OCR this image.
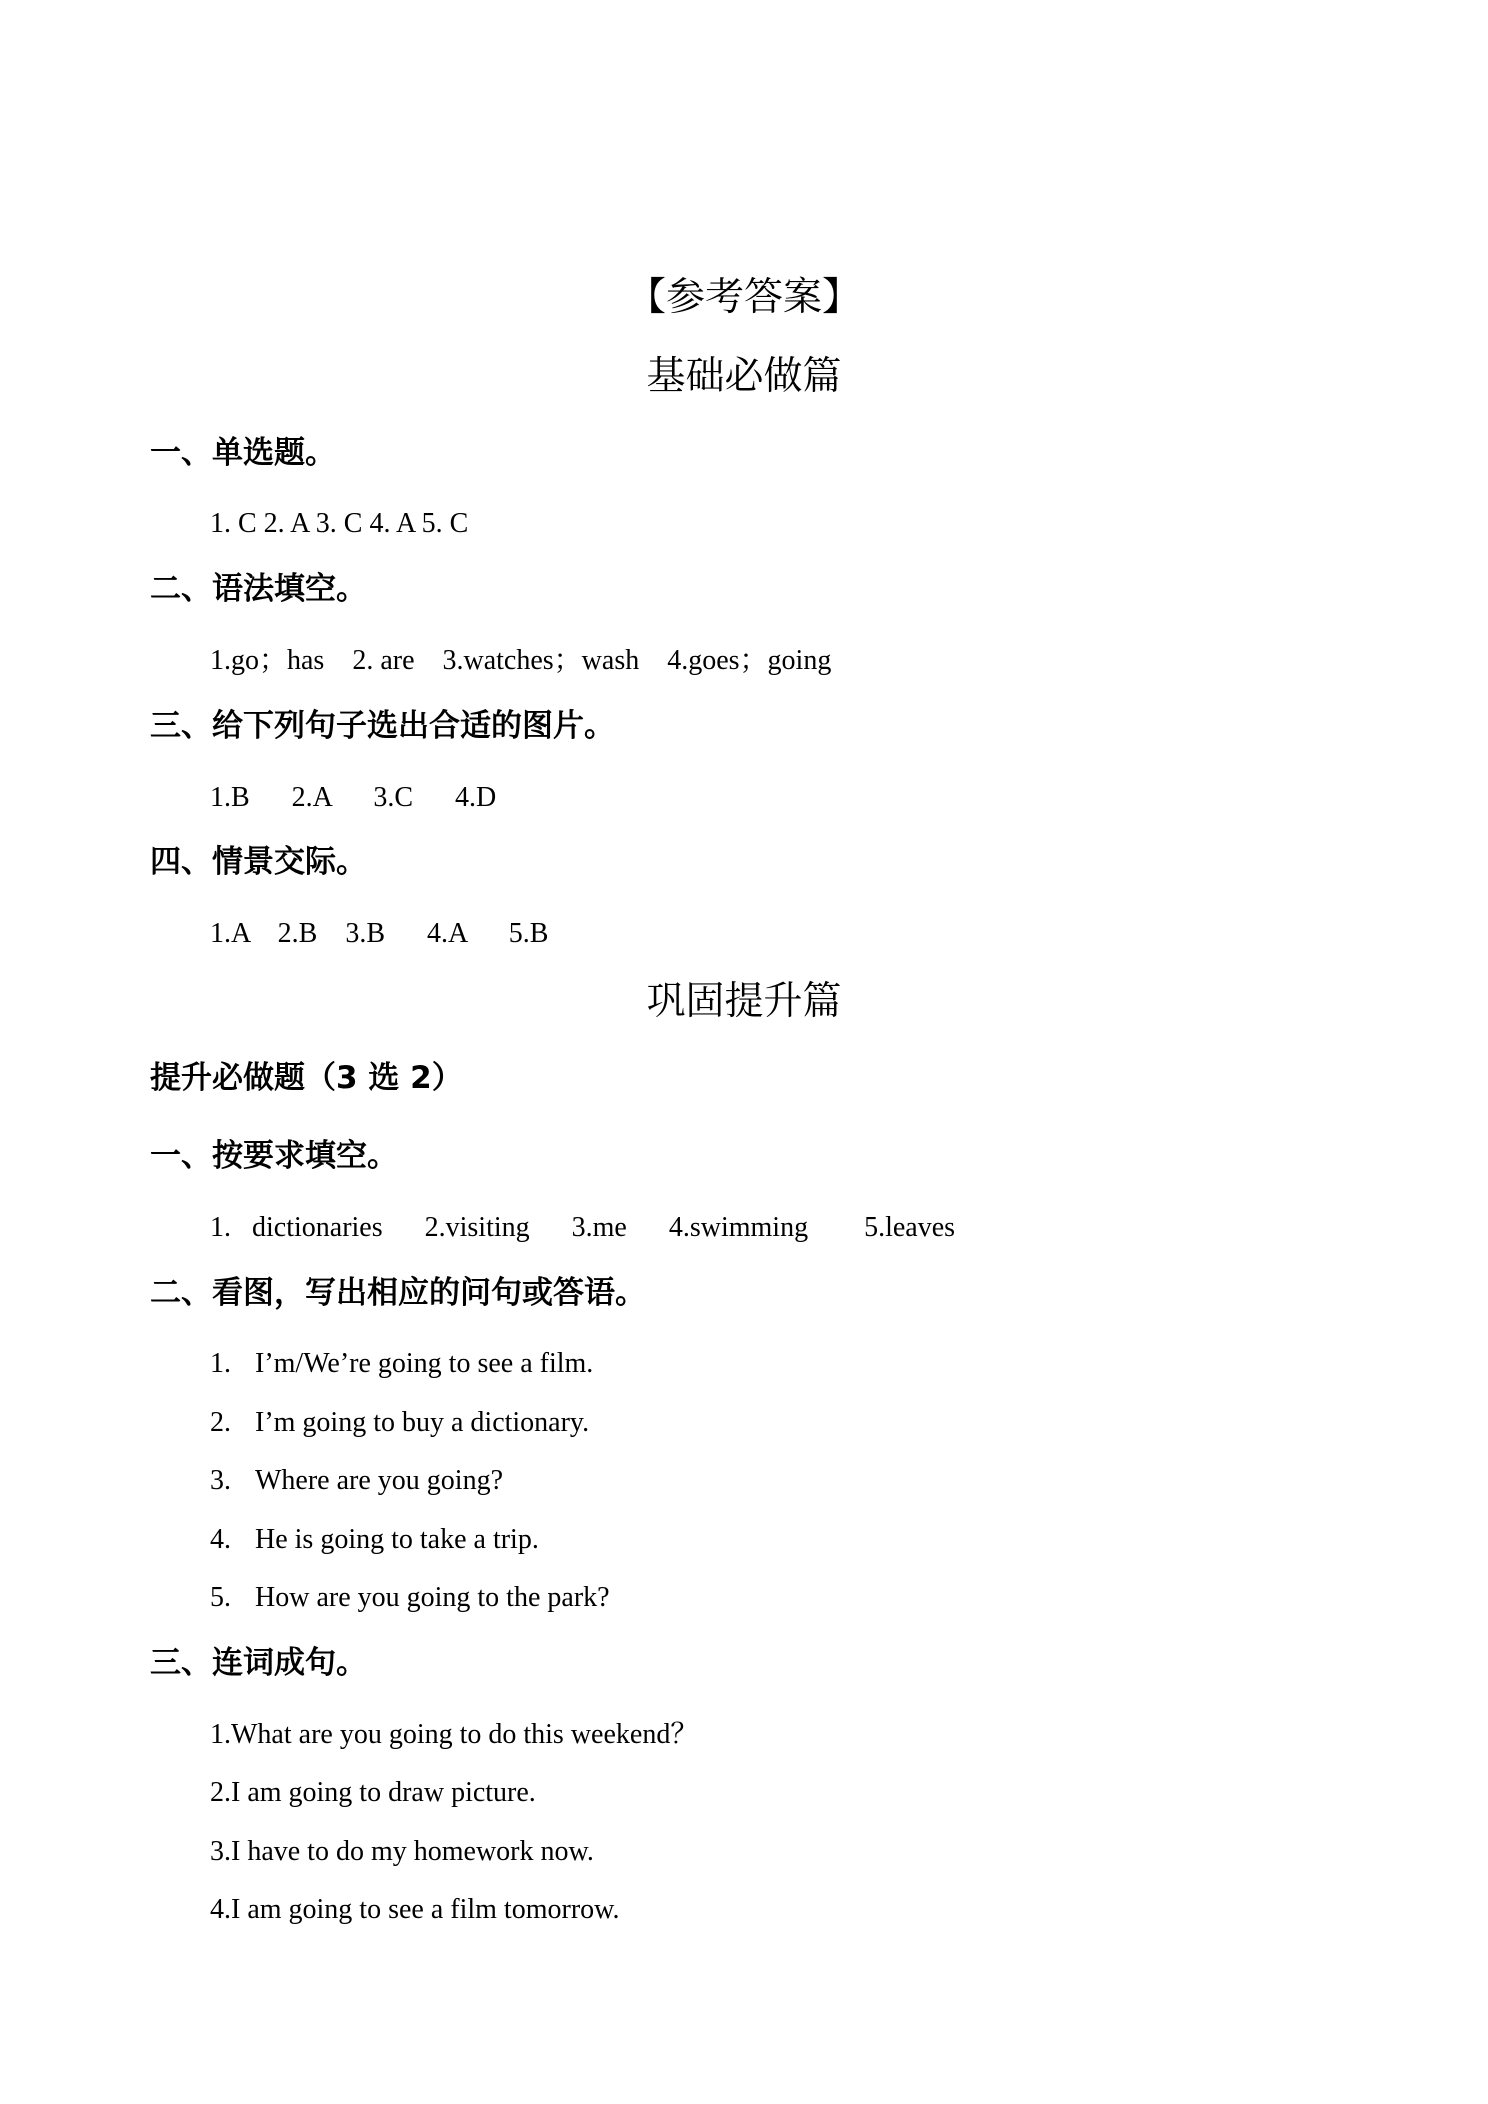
【参考答案】
基础必做篇
一、单选题。
1. C 2. A 3. C 4. A 5. C
二、语法填空。
1.go；has    2. are    3.watches；wash    4.goes；going
三、给下列句子选出合适的图片。
1.B      2.A      3.C      4.D
四、情景交际。
1.A    2.B    3.B      4.A      5.B
巩固提升篇
提升必做题（3 选 2）
一、按要求填空。
1.   dictionaries      2.visiting      3.me      4.swimming        5.leaves
二、看图，写出相应的问句或答语。
1. I’m/We’re going to see a film.
2. I’m going to buy a dictionary.
3. Where are you going?
4. He is going to take a trip.
5. How are you going to the park?
三、连词成句。
1.What are you going to do this weekend？
2.I am going to draw picture.
3.I have to do my homework now.
4.I am going to see a film tomorrow.
